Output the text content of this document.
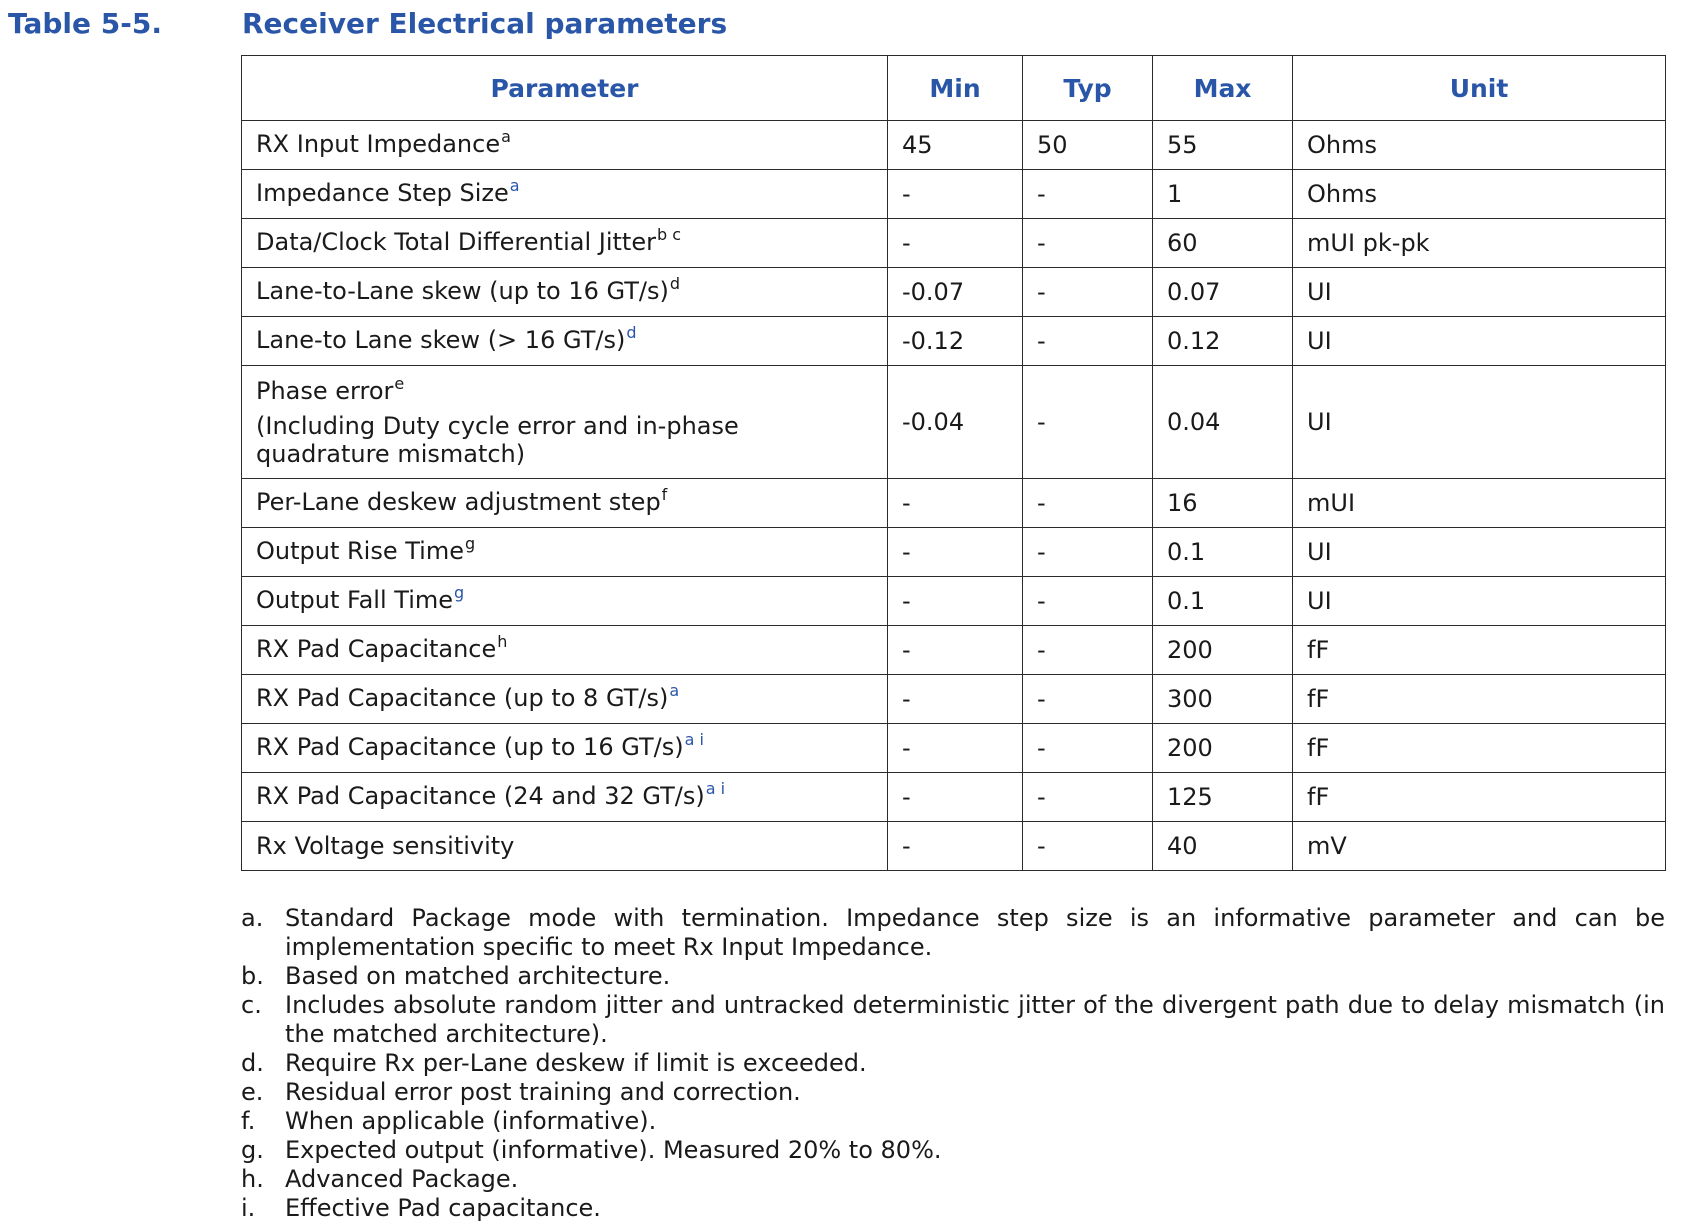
Table 5-5.	Receiver Electrical parameters
Parameter	Min	Typ	Max	Unit
RX Input Impedance$^a$	45	50	55	Ohms
Impedance Step Size$^a$	-	-	1	Ohms
Data/Clock Total Differential Jitter$^{b c}$	-	-	60	mUI pk-pk
Lane-to-Lane skew (up to 16 GT/s)$^d$	-0.07	-	0.07	UI
Lane-to Lane skew (> 16 GT/s)$^d$	-0.12	-	0.12	UI

Phase error$^e$
(Including Duty cycle error and in-phase quadrature mismatch)	-0.04	-	0.04	UI
Per-Lane deskew adjustment step$^f$	-	-	16	mUI
Output Rise Time$^g$	-	-	0.1	UI
Output Fall Time$^g$	-	-	0.1	UI
RX Pad Capacitance$^h$	-	-	200	fF
RX Pad Capacitance (up to 8 GT/s)$^a$	-	-	300	fF
RX Pad Capacitance (up to 16 GT/s)$^{a i}$	-	-	200	fF
RX Pad Capacitance (24 and 32 GT/s)$^{a i}$	-	-	125	fF
Rx Voltage sensitivity	-	-	40	mV
a. Standard Package mode with termination. Impedance step size is an informative parameter and can be implementation specific to meet Rx Input Impedance.
b. Based on matched architecture.
c. Includes absolute random jitter and untracked deterministic jitter of the divergent path due to delay mismatch (in the matched architecture).
d. Require Rx per-Lane deskew if limit is exceeded.
e. Residual error post training and correction.
f. When applicable (informative).
g. Expected output (informative). Measured 20% to 80%.
h. Advanced Package.
i. Effective Pad capacitance.
